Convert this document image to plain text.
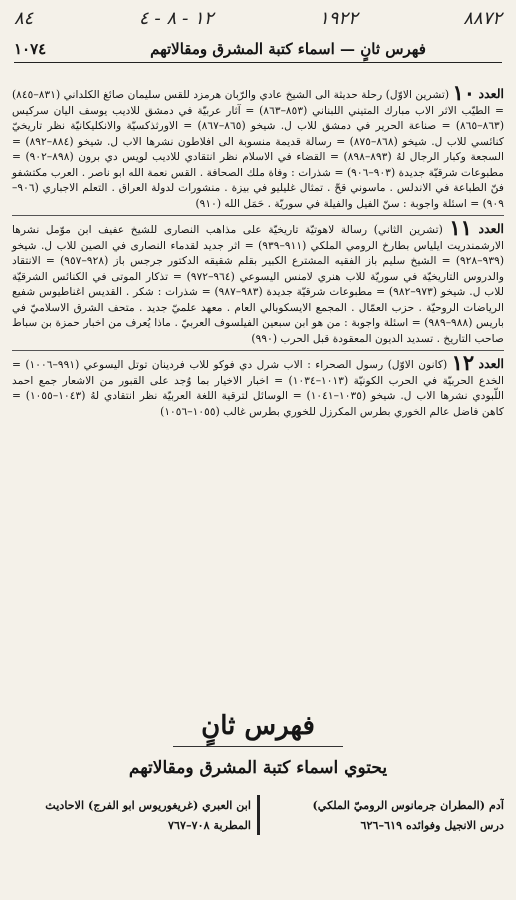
٨٤	١٢ - ٨ - ٤	١٩٢٢	٨٨٧٢
فهرس ثانٍ — اسماء كتبة المشرق ومقالاتهم
١٠٧٤

العدد ١٠ (تشرين الاوّل) رحلة حديثة الى الشيخ عادي والرّبان هرمزد للقس سليمان صائغ الكلداني (٨٣١–٨٤٥) = الطيّب الاثر الاب مبارك المتيني اللبناني (٨٥٣–٨٦٣) = آثار عربيّة في دمشق للاديب يوسف اليان سركيس (٨٦٣–٨٦٥) = صناعة الحرير في دمشق للاب ل. شيخو (٨٦٥–٨٦٧) = الاورثذكسيّة والانكليكانيّة نظر تاريخيّ كنائسي للاب ل. شيخو (٨٦٨–٨٧٥) = رسالة قديمة منسوبة الى افلاطون نشرها الاب ل. شيخو (٨٨٤–٨٩٢) = السجعة وكبار الرجال لهُ (٨٩٣–٨٩٨) = القضاء في الاسلام نظر انتقادي للاديب لويس دي برون (٨٩٨–٩٠٢) = مطبوعات شرقيّة جديدة (٩٠٣–٩٠٦) = شذرات : وفاة ملك الصحافة . القس نعمة الله ابو ناصر . العرب مكتشفو فنّ الطباعة في الاندلس . ماسوني قحّ . تمثال غليليو في بيزة . منشورات لدولة العراق . التعلم الاجباري (٩٠٦–٩٠٩) = اسئلة واجوبة : سنّ الفيل والفيلة في سوريّة . حَمَل الله (٩١٠)

العدد ١١ (تشرين الثاني) رسالة لاهوتيّة تاريخيّة على مذاهب النصارى للشيخ عفيف ابن موّمل نشرها الارشمندريت ايلياس بطارخ الرومي الملكي (٩١١–٩٣٩) = اثر جديد لقدماء النصارى في الصين للاب ل. شيخو (٩٣٩–٩٢٨) = الشيخ سليم باز الفقيه المشترع الكبير بقلم شقيقه الدكتور جرجس باز (٩٢٨–٩٥٧) = الانتقاد والدروس التاريخيّة في سوريّة للاب هنري لامنس اليسوعي (٩٦٤–٩٧٢) = تذكار الموتى في الكنائس الشرقيّة للاب ل. شيخو (٩٧٣–٩٨٢) = مطبوعات شرقيّة جديدة (٩٨٣–٩٨٧) = شذرات : شكر . القديس اغناطيوس شفيع الرياضات الروحيّة . حزب العمّال . المجمع الايسكوبالي العام . معهد علميّ جديد . متحف الشرق الاسلاميّ في باريس (٩٨٨–٩٨٩) = اسئلة واجوبة : من هو ابن سبعين الفيلسوف العربيّ . ماذا يُعرف من اخبار حمزة بن سباط صاحب التاريخ . تسديد الديون المعقودة قبل الحرب (٩٩٠)

العدد ١٢ (كانون الاوّل) رسول الصحراء : الاب شرل دي فوكو للاب فردينان توتل اليسوعي (٩٩١–١٠٠٦) = الخدع الحربيّة في الحرب الكونيّة (١٠١٣–١٠٣٤) = اخبار الاخيار بما وُجد على القبور من الاشعار جمع احمد اللّبودي نشرها الاب ل. شيخو (١٠٣٥–١٠٤١) = الوسائل لترقية اللغة العربيّة نظر انتقادي لهُ (١٠٤٣–١٠٥٥) = كاهن فاضل عالم الخوري بطرس المكرزل للخوري بطرس غالب (١٠٥٥–١٠٥٦)

فهرس ثانٍ
يحتوي اسماء كتبة المشرق ومقالاتهم
آدم (المطران جرمانوس الروميّ الملكي)
ابن العبري (غريغوريوس ابو الفرج) الاحاديث
درس الانجيل وفوائده ٦١٩–٦٢٦
المطربة ٧٠٨–٧٦٧
